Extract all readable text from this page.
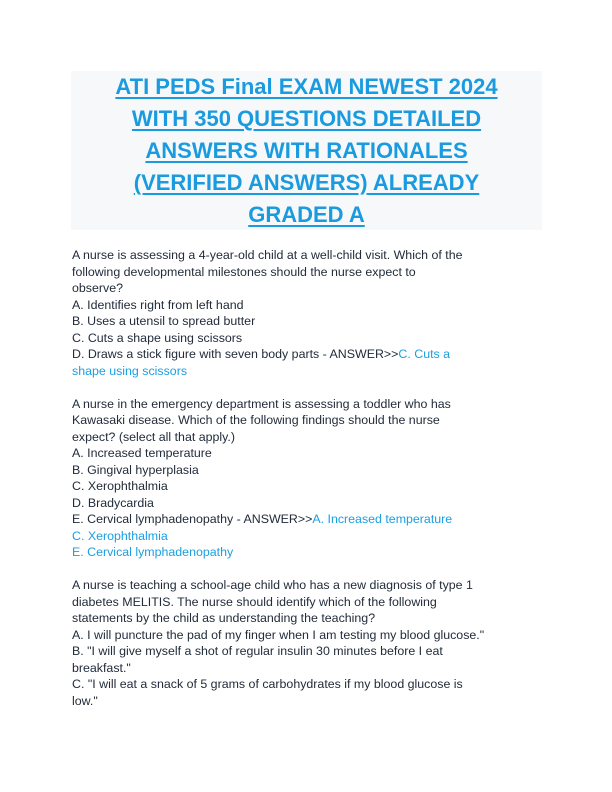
ATI PEDS Final EXAM NEWEST 2024
WITH 350 QUESTIONS DETAILED
ANSWERS WITH RATIONALES
(VERIFIED ANSWERS) ALREADY
GRADED A
A nurse is assessing a 4-year-old child at a well-child visit. Which of the
following developmental milestones should the nurse expect to
observe?
A. Identifies right from left hand
B. Uses a utensil to spread butter
C. Cuts a shape using scissors
D. Draws a stick figure with seven body parts - ANSWER>>C. Cuts a
shape using scissors
A nurse in the emergency department is assessing a toddler who has
Kawasaki disease. Which of the following findings should the nurse
expect? (select all that apply.)
A. Increased temperature
B. Gingival hyperplasia
C. Xerophthalmia
D. Bradycardia
E. Cervical lymphadenopathy - ANSWER>>A. Increased temperature
C. Xerophthalmia
E. Cervical lymphadenopathy
A nurse is teaching a school-age child who has a new diagnosis of type 1
diabetes MELITIS. The nurse should identify which of the following
statements by the child as understanding the teaching?
A. I will puncture the pad of my finger when I am testing my blood glucose."
B. "I will give myself a shot of regular insulin 30 minutes before I eat
breakfast."
C. "I will eat a snack of 5 grams of carbohydrates if my blood glucose is
low."
